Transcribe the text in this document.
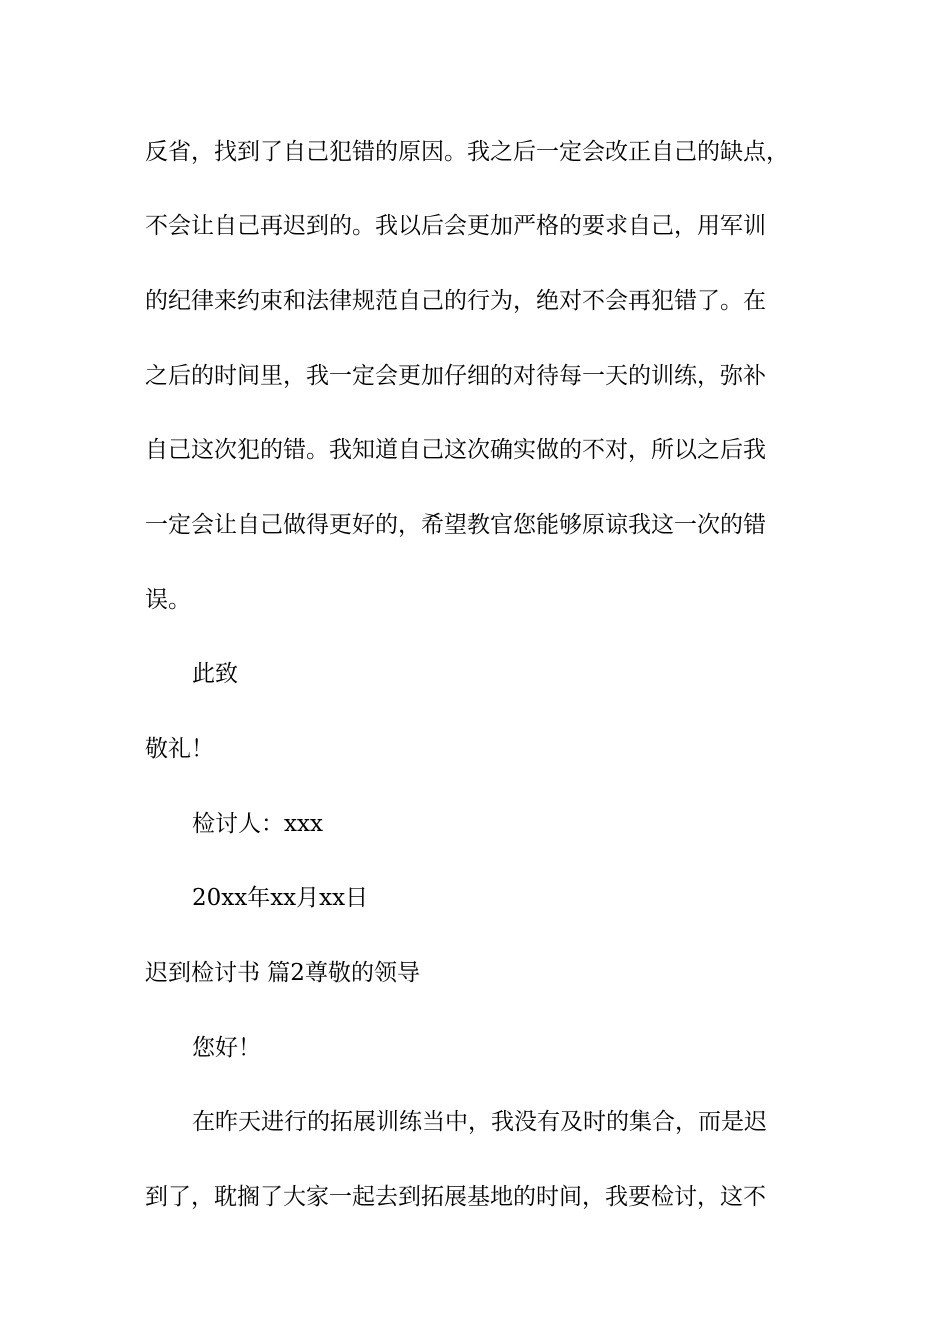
反省，找到了自己犯错的原因。我之后一定会改正自己的缺点，
不会让自己再迟到的。我以后会更加严格的要求自己，用军训
的纪律来约束和法律规范自己的行为，绝对不会再犯错了。在
之后的时间里，我一定会更加仔细的对待每一天的训练，弥补
自己这次犯的错。我知道自己这次确实做的不对，所以之后我
一定会让自己做得更好的，希望教官您能够原谅我这一次的错
误。
此致
敬礼！
检讨人：xxx
20xx年xx月xx日
迟到检讨书 篇2尊敬的领导
您好！
在昨天进行的拓展训练当中，我没有及时的集合，而是迟
到了，耽搁了大家一起去到拓展基地的时间，我要检讨，这不
